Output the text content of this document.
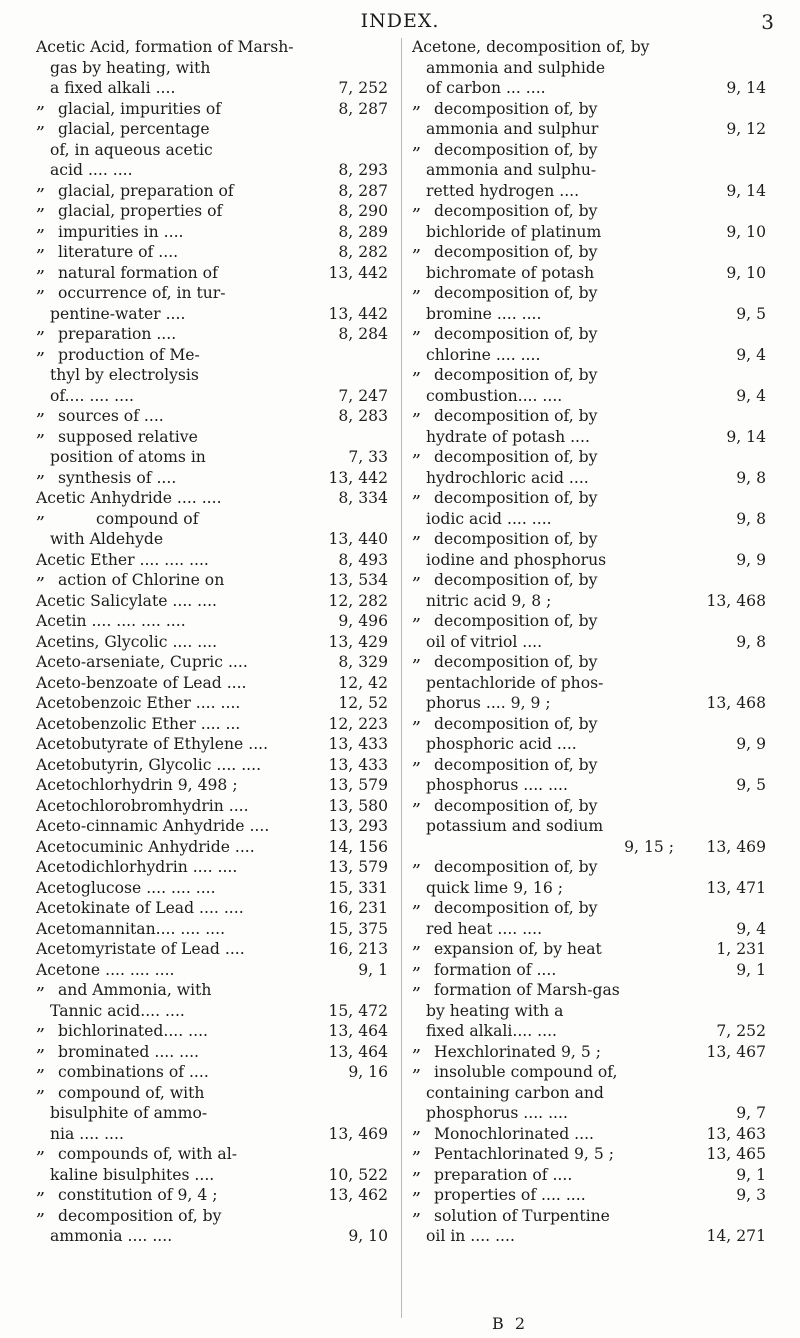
INDEX.	3
Acetic Acid, formation of Marsh-
gas by heating, with
a fixed alkali ....	7, 252
„ glacial, impurities of	8, 287
„ glacial, percentage
of, in aqueous acetic
acid .... ....	8, 293
„ glacial, preparation of	8, 287
„ glacial, properties of	8, 290
„ impurities in ....	8, 289
„ literature of ....	8, 282
„ natural formation of	13, 442
„ occurrence of, in tur-
pentine-water ....	13, 442
„ preparation ....	8, 284
„ production of Me-
thyl by electrolysis
of.... .... ....	7, 247
„ sources of ....	8, 283
„ supposed relative
position of atoms in	7, 33
„ synthesis of ....	13, 442
Acetic Anhydride .... ....	8, 334
„ compound of
with Aldehyde	13, 440
Acetic Ether .... .... ....	8, 493
„ action of Chlorine on	13, 534
Acetic Salicylate .... ....	12, 282
Acetin .... .... .... ....	9, 496
Acetins, Glycolic .... ....	13, 429
Aceto-arseniate, Cupric ....	8, 329
Aceto-benzoate of Lead ....	12, 42
Acetobenzoic Ether .... ....	12, 52
Acetobenzolic Ether .... ...	12, 223
Acetobutyrate of Ethylene ....	13, 433
Acetobutyrin, Glycolic .... ....	13, 433
Acetochlorhydrin 9, 498 ;	13, 579
Acetochlorobromhydrin ....	13, 580
Aceto-cinnamic Anhydride ....	13, 293
Acetocuminic Anhydride ....	14, 156
Acetodichlorhydrin .... ....	13, 579
Acetoglucose .... .... ....	15, 331
Acetokinate of Lead .... ....	16, 231
Acetomannitan.... .... ....	15, 375
Acetomyristate of Lead ....	16, 213
Acetone .... .... ....	9, 1
„ and Ammonia, with
Tannic acid.... ....	15, 472
„ bichlorinated.... ....	13, 464
„ brominated .... ....	13, 464
„ combinations of ....	9, 16
„ compound of, with
bisulphite of ammo-
nia .... ....	13, 469
„ compounds of, with al-
kaline bisulphites ....	10, 522
„ constitution of 9, 4 ;	13, 462
„ decomposition of, by
ammonia .... ....	9, 10
Acetone, decomposition of, by
ammonia and sulphide
of carbon ... ....	9, 14
„ decomposition of, by
ammonia and sulphur	9, 12
„ decomposition of, by
ammonia and sulphu-
retted hydrogen ....	9, 14
„ decomposition of, by
bichloride of platinum	9, 10
„ decomposition of, by
bichromate of potash	9, 10
„ decomposition of, by
bromine .... ....	9, 5
„ decomposition of, by
chlorine .... ....	9, 4
„ decomposition of, by
combustion.... ....	9, 4
„ decomposition of, by
hydrate of potash ....	9, 14
„ decomposition of, by
hydrochloric acid ....	9, 8
„ decomposition of, by
iodic acid .... ....	9, 8
„ decomposition of, by
iodine and phosphorus	9, 9
„ decomposition of, by
nitric acid 9, 8 ;	13, 468
„ decomposition of, by
oil of vitriol ....	9, 8
„ decomposition of, by
pentachloride of phos-
phorus .... 9, 9 ;	13, 468
„ decomposition of, by
phosphoric acid ....	9, 9
„ decomposition of, by
phosphorus .... ....	9, 5
„ decomposition of, by
potassium and sodium
9, 15 ; 13, 469
„ decomposition of, by
quick lime 9, 16 ;	13, 471
„ decomposition of, by
red heat .... ....	9, 4
„ expansion of, by heat	1, 231
„ formation of ....	9, 1
„ formation of Marsh-gas
by heating with a
fixed alkali.... ....	7, 252
„ Hexchlorinated 9, 5 ;	13, 467
„ insoluble compound of,
containing carbon and
phosphorus .... ....	9, 7
„ Monochlorinated ....	13, 463
„ Pentachlorinated 9, 5 ;	13, 465
„ preparation of ....	9, 1
„ properties of .... ....	9, 3
„ solution of Turpentine
oil in .... ....	14, 271
B 2
